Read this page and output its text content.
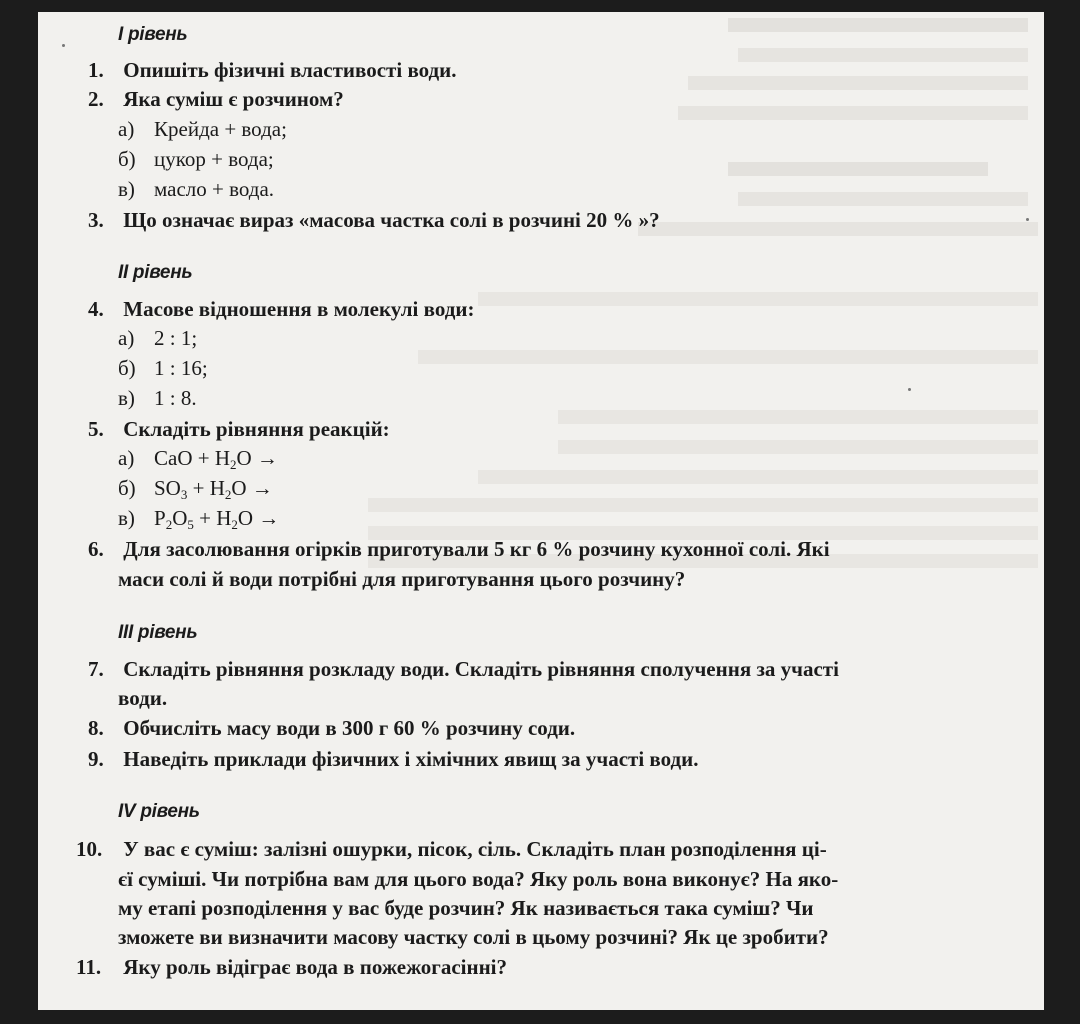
I рівень
1. Опишіть фізичні властивості води.
2. Яка суміш є розчином?
а) Крейда + вода;
б) цукор + вода;
в) масло + вода.
3. Що означає вираз «масова частка солі в розчині 20 % »?
II рівень
4. Масове відношення в молекулі води:
а) 2 : 1;
б) 1 : 16;
в) 1 : 8.
5. Складіть рівняння реакцій:
а) CaO + $H_2O$ →
б) $SO_3 + H_2O$ →
в) $P_2O_5 + H_2O$ →
6. Для засолювання огірків приготували 5 кг 6 % розчину кухонної солі. Які
маси солі й води потрібні для приготування цього розчину?
III рівень
7. Складіть рівняння розкладу води. Складіть рівняння сполучення за участі
води.
8. Обчисліть масу води в 300 г 60 % розчину соди.
9. Наведіть приклади фізичних і хімічних явищ за участі води.
IV рівень
10. У вас є суміш: залізні ошурки, пісок, сіль. Складіть план розподілення ці-
єї суміші. Чи потрібна вам для цього вода? Яку роль вона виконує? На яко-
му етапі розподілення у вас буде розчин? Як називається така суміш? Чи
зможете ви визначити масову частку солі в цьому розчині? Як це зробити?
11. Яку роль відіграє вода в пожежогасінні?
